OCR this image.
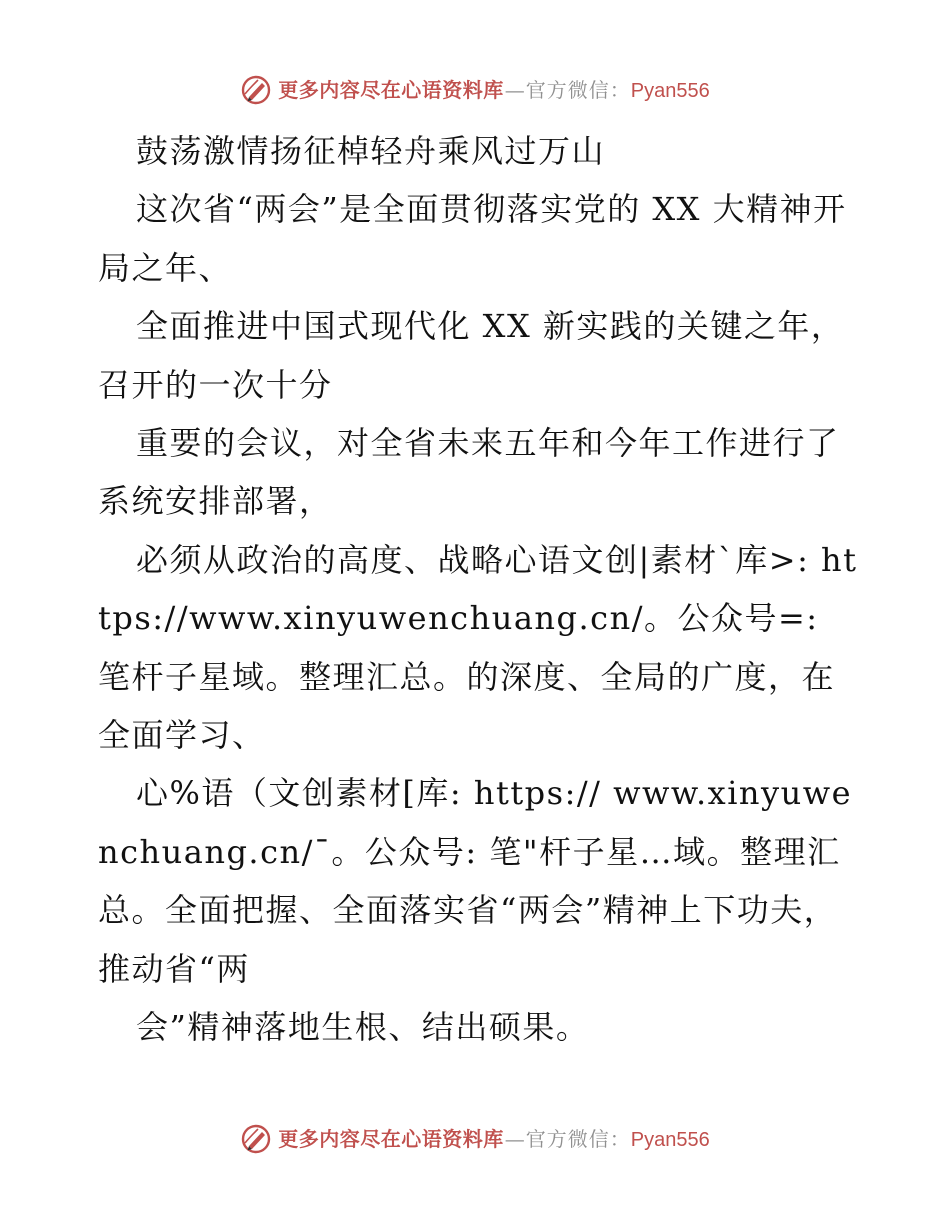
更多内容尽在心语资料库 — 官方微信： Pyan556

鼓荡激情扬征棹轻舟乘风过万山

这次省“两会”是全面贯彻落实党的 XX 大精神开局之年、

全面推进中国式现代化 XX 新实践的关键之年，召开的一次十分

重要的会议，对全省未来五年和今年工作进行了系统安排部署，

必须从政治的高度、战略心语文创|素材`库>: https://www.xinyuwenchuang.cn/。公众号=: 笔杆子星域。整理汇总。的深度、全局的广度，在全面学习、

心%语（文创素材[库: https:// www.xinyuwenchuang.cn/¯。公众号: 笔"杆子星…域。整理汇总。全面把握、全面落实省“两会”精神上下功夫，推动省“两

会”精神落地生根、结出硕果。

更多内容尽在心语资料库 — 官方微信： Pyan556
